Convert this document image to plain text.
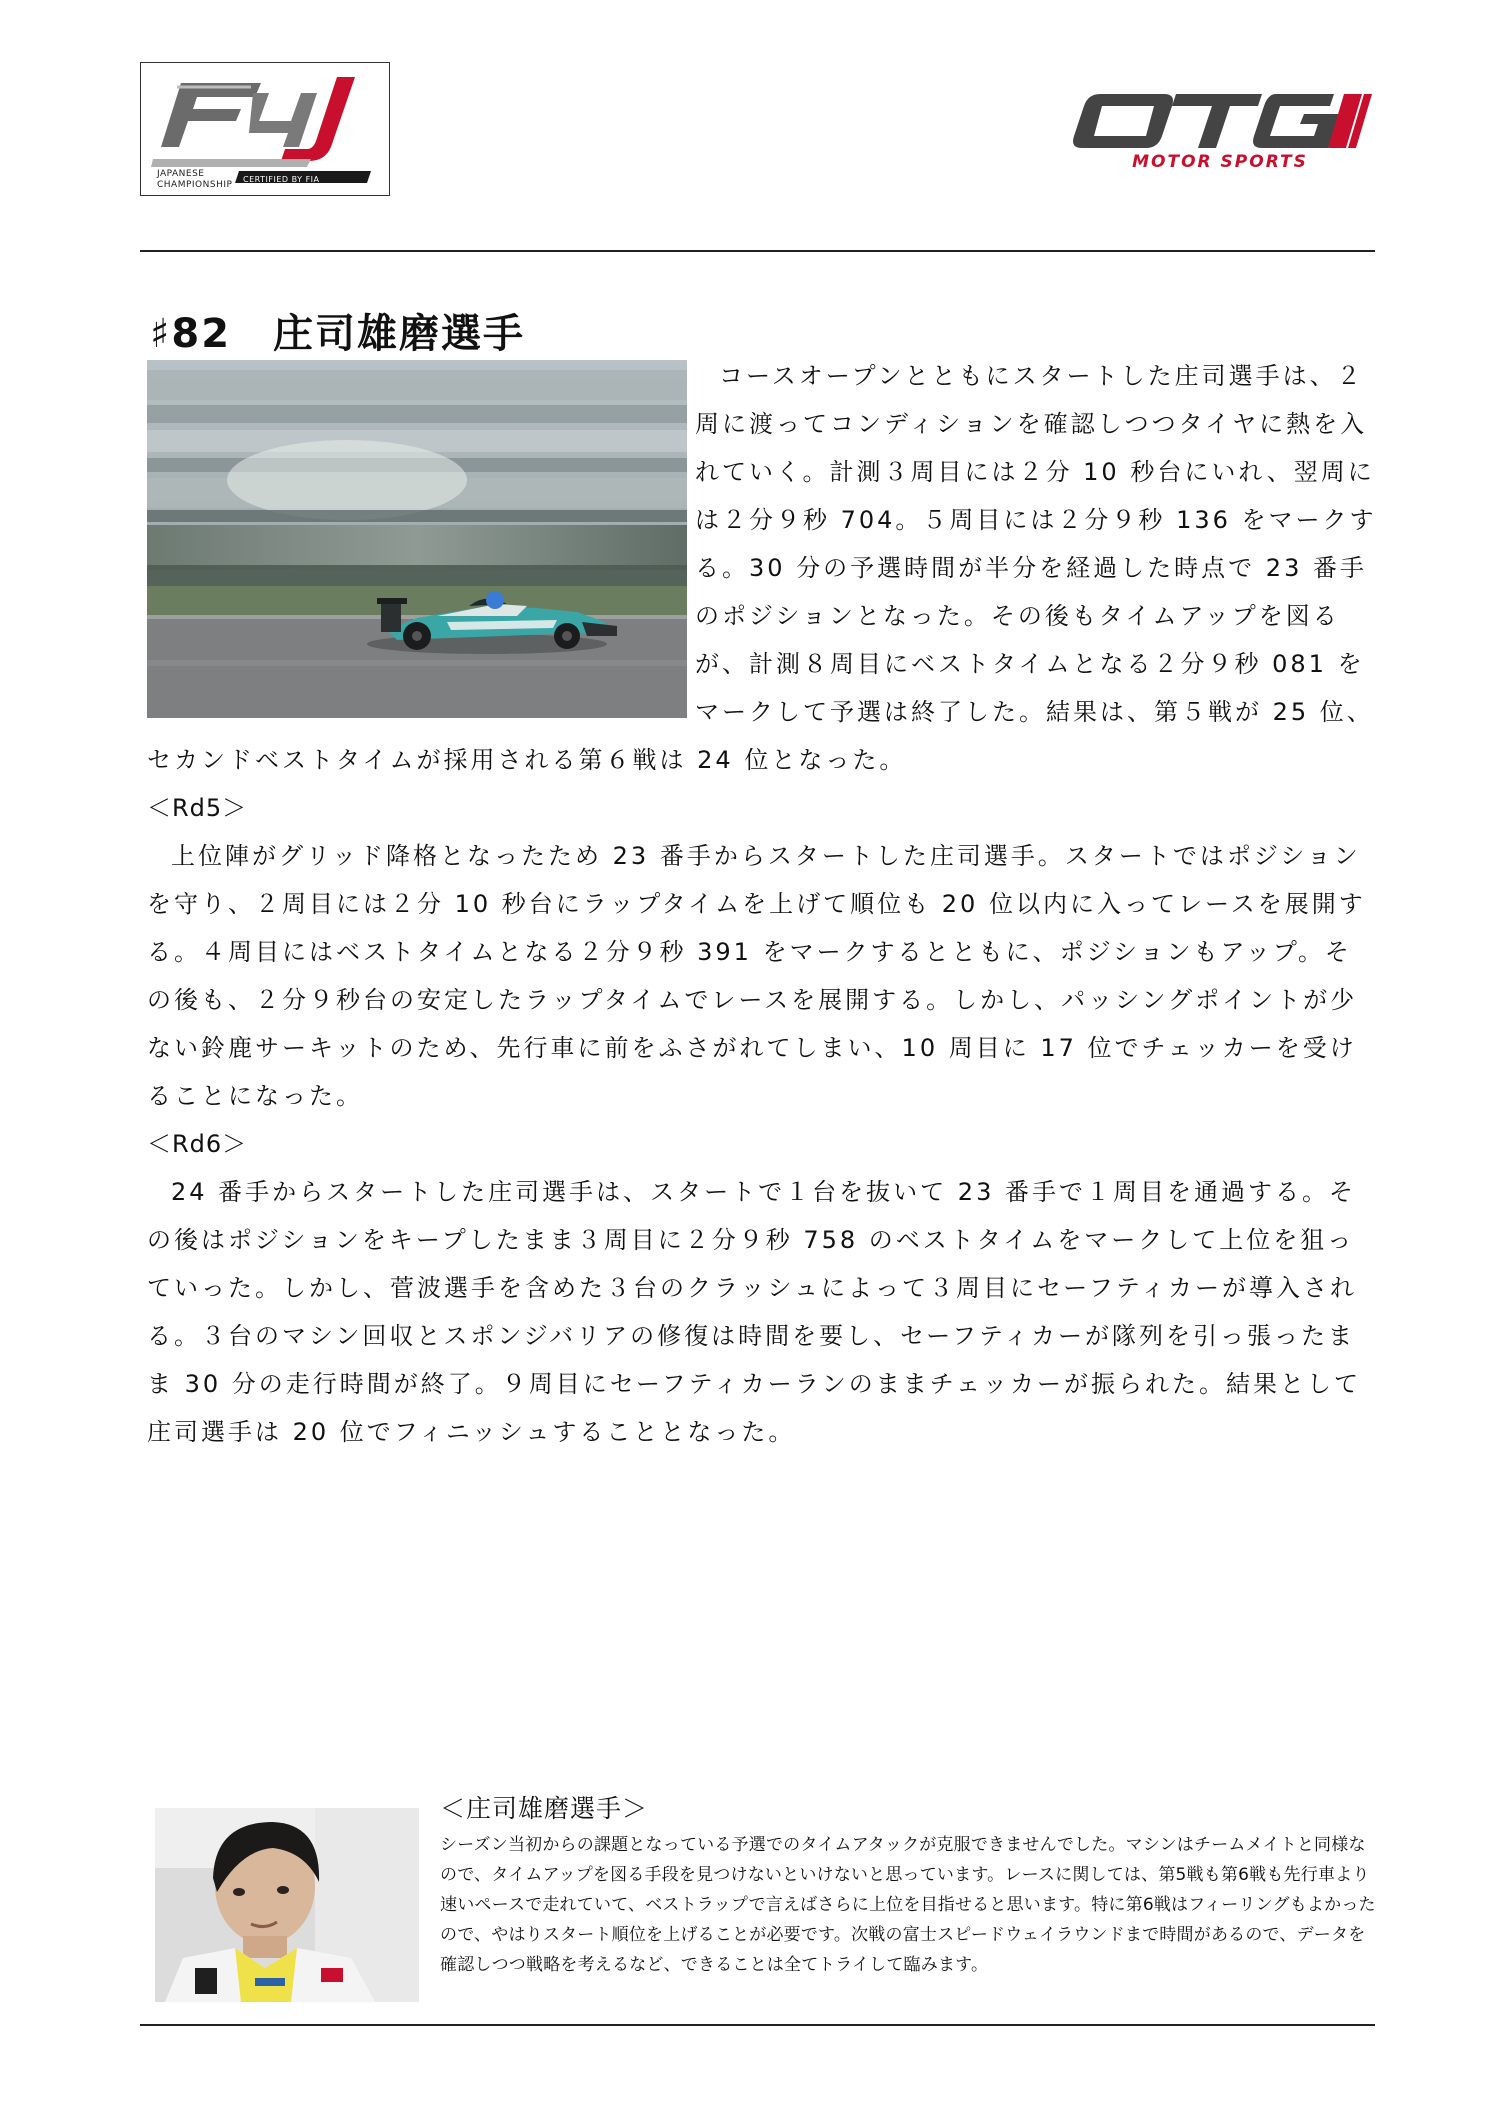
JAPANESE
CHAMPIONSHIP
CERTIFIED BY FIA
MOTOR SPORTS
♯82　庄司雄磨選手

コースオープンとともにスタートした庄司選手は、２周に渡ってコンディションを確認しつつタイヤに熱を入れていく。計測３周目には２分 10 秒台にいれ、翌周には２分９秒 704。５周目には２分９秒 136 をマークする。30 分の予選時間が半分を経過した時点で 23 番手のポジションとなった。その後もタイムアップを図るが、計測８周目にベストタイムとなる２分９秒 081 をマークして予選は終了した。結果は、第５戦が 25 位、セカンドベストタイムが採用される第６戦は 24 位となった。

＜Rd5＞

上位陣がグリッド降格となったため 23 番手からスタートした庄司選手。スタートではポジションを守り、２周目には２分 10 秒台にラップタイムを上げて順位も 20 位以内に入ってレースを展開する。４周目にはベストタイムとなる２分９秒 391 をマークするとともに、ポジションもアップ。その後も、２分９秒台の安定したラップタイムでレースを展開する。しかし、パッシングポイントが少ない鈴鹿サーキットのため、先行車に前をふさがれてしまい、10 周目に 17 位でチェッカーを受けることになった。

＜Rd6＞

24 番手からスタートした庄司選手は、スタートで１台を抜いて 23 番手で１周目を通過する。その後はポジションをキープしたまま３周目に２分９秒 758 のベストタイムをマークして上位を狙っていった。しかし、菅波選手を含めた３台のクラッシュによって３周目にセーフティカーが導入される。３台のマシン回収とスポンジバリアの修復は時間を要し、セーフティカーが隊列を引っ張ったまま 30 分の走行時間が終了。９周目にセーフティカーランのままチェッカーが振られた。結果として庄司選手は 20 位でフィニッシュすることとなった。

＜庄司雄磨選手＞

シーズン当初からの課題となっている予選でのタイムアタックが克服できませんでした。マシンはチームメイトと同様なので、タイムアップを図る手段を見つけないといけないと思っています。レースに関しては、第5戦も第6戦も先行車より速いペースで走れていて、ベストラップで言えばさらに上位を目指せると思います。特に第6戦はフィーリングもよかったので、やはりスタート順位を上げることが必要です。次戦の富士スピードウェイラウンドまで時間があるので、データを確認しつつ戦略を考えるなど、できることは全てトライして臨みます。
